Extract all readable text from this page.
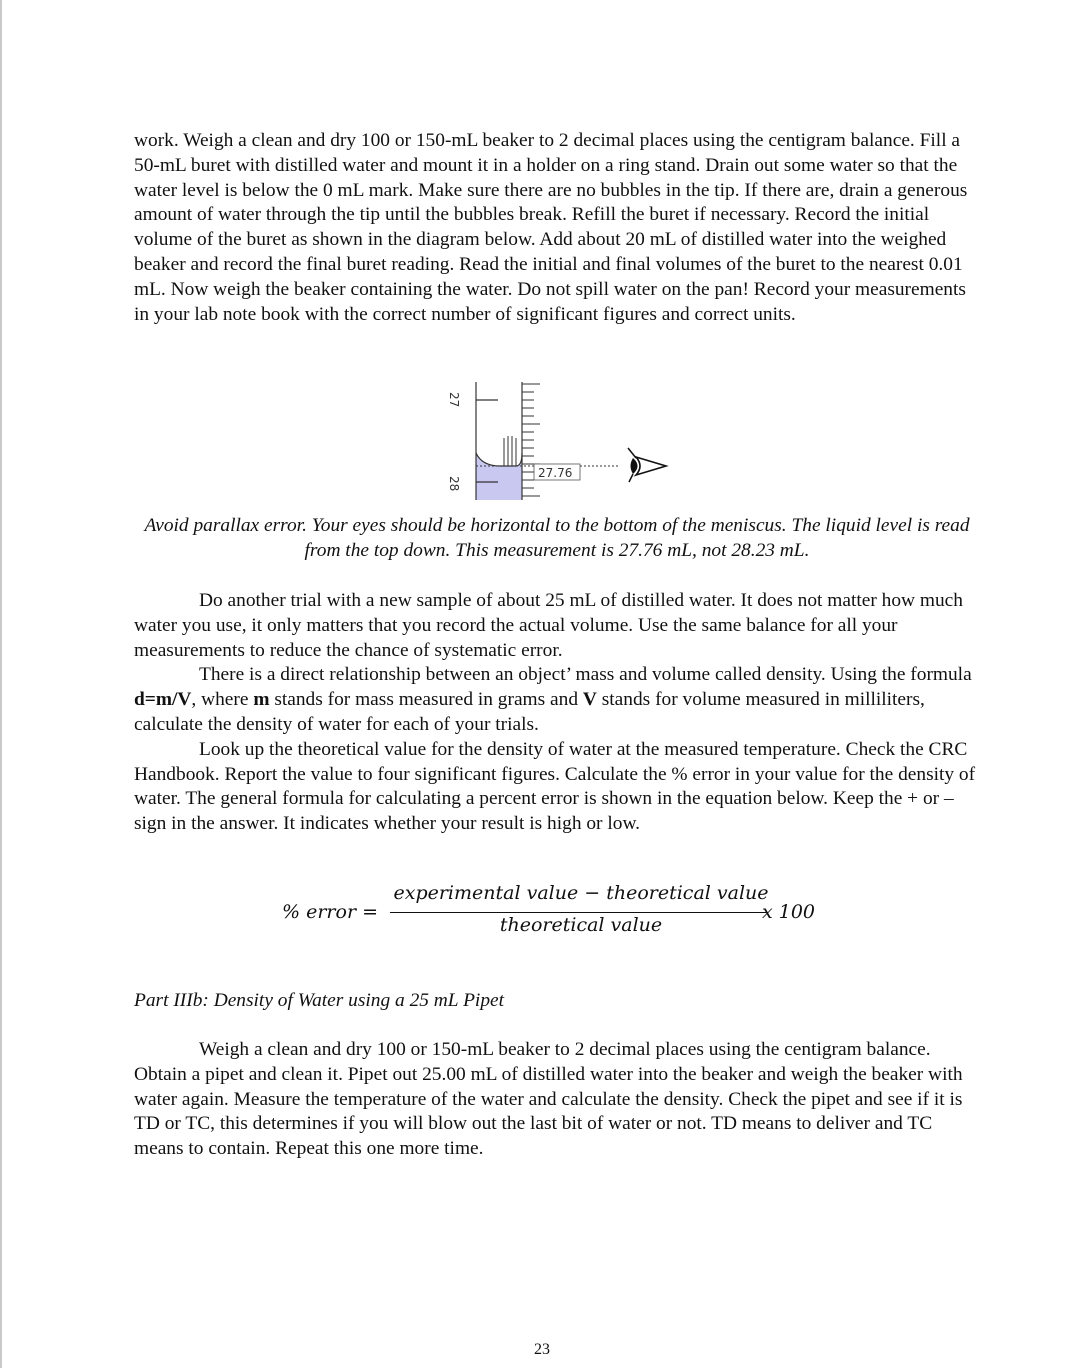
work. Weigh a clean and dry 100 or 150-mL beaker to 2 decimal places using the centigram balance. Fill a 50-mL buret with distilled water and mount it in a holder on a ring stand. Drain out some water so that the water level is below the 0 mL mark. Make sure there are no bubbles in the tip. If there are, drain a generous amount of water through the tip until the bubbles break. Refill the buret if necessary. Record the initial volume of the buret as shown in the diagram below. Add about 20 mL of distilled water into the weighed beaker and record the final buret reading. Read the initial and final volumes of the buret to the nearest 0.01 mL. Now weigh the beaker containing the water. Do not spill water on the pan! Record your measurements in your lab note book with the correct number of significant figures and correct units.

27.76
27
28

Avoid parallax error. Your eyes should be horizontal to the bottom of the meniscus. The liquid level is read from the top down. This measurement is 27.76 mL, not 28.23 mL.

Do another trial with a new sample of about 25 mL of distilled water. It does not matter how much water you use, it only matters that you record the actual volume. Use the same balance for all your measurements to reduce the chance of systematic error.

There is a direct relationship between an object’ mass and volume called density. Using the formula d=m/V, where m stands for mass measured in grams and V stands for volume measured in milliliters, calculate the density of water for each of your trials.

Look up the theoretical value for the density of water at the measured temperature. Check the CRC Handbook. Report the value to four significant figures. Calculate the % error in your value for the density of water. The general formula for calculating a percent error is shown in the equation below. Keep the + or – sign in the answer. It indicates whether your result is high or low.

% error =
experimental value − theoretical value
theoretical value
x 100

Part IIIb: Density of Water using a 25 mL Pipet

Weigh a clean and dry 100 or 150-mL beaker to 2 decimal places using the centigram balance. Obtain a pipet and clean it. Pipet out 25.00 mL of distilled water into the beaker and weigh the beaker with water again. Measure the temperature of the water and calculate the density. Check the pipet and see if it is TD or TC, this determines if you will blow out the last bit of water or not. TD means to deliver and TC means to contain. Repeat this one more time.

23
